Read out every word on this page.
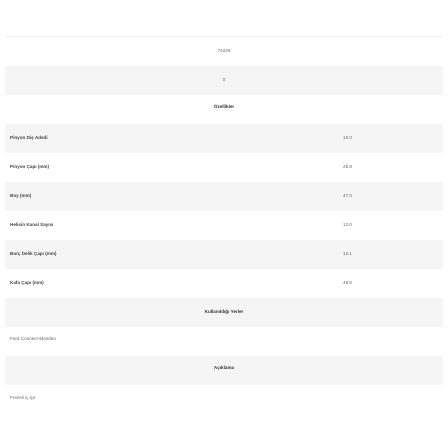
74225
0
Özellikler
Pinyon Diş Adedi	10.0
Pinyon Çapı (mm)	25.8
Boy (mm)	47.0
Helisin Kanal Sayısı	12.0
Burç Delik Çapı (mm)	12.1
Kafa Çapı (mm)	48.0
Kullanıldığı Yerler
Ford Connect-Mondeo
Açıklama
Frezeli iç içe
